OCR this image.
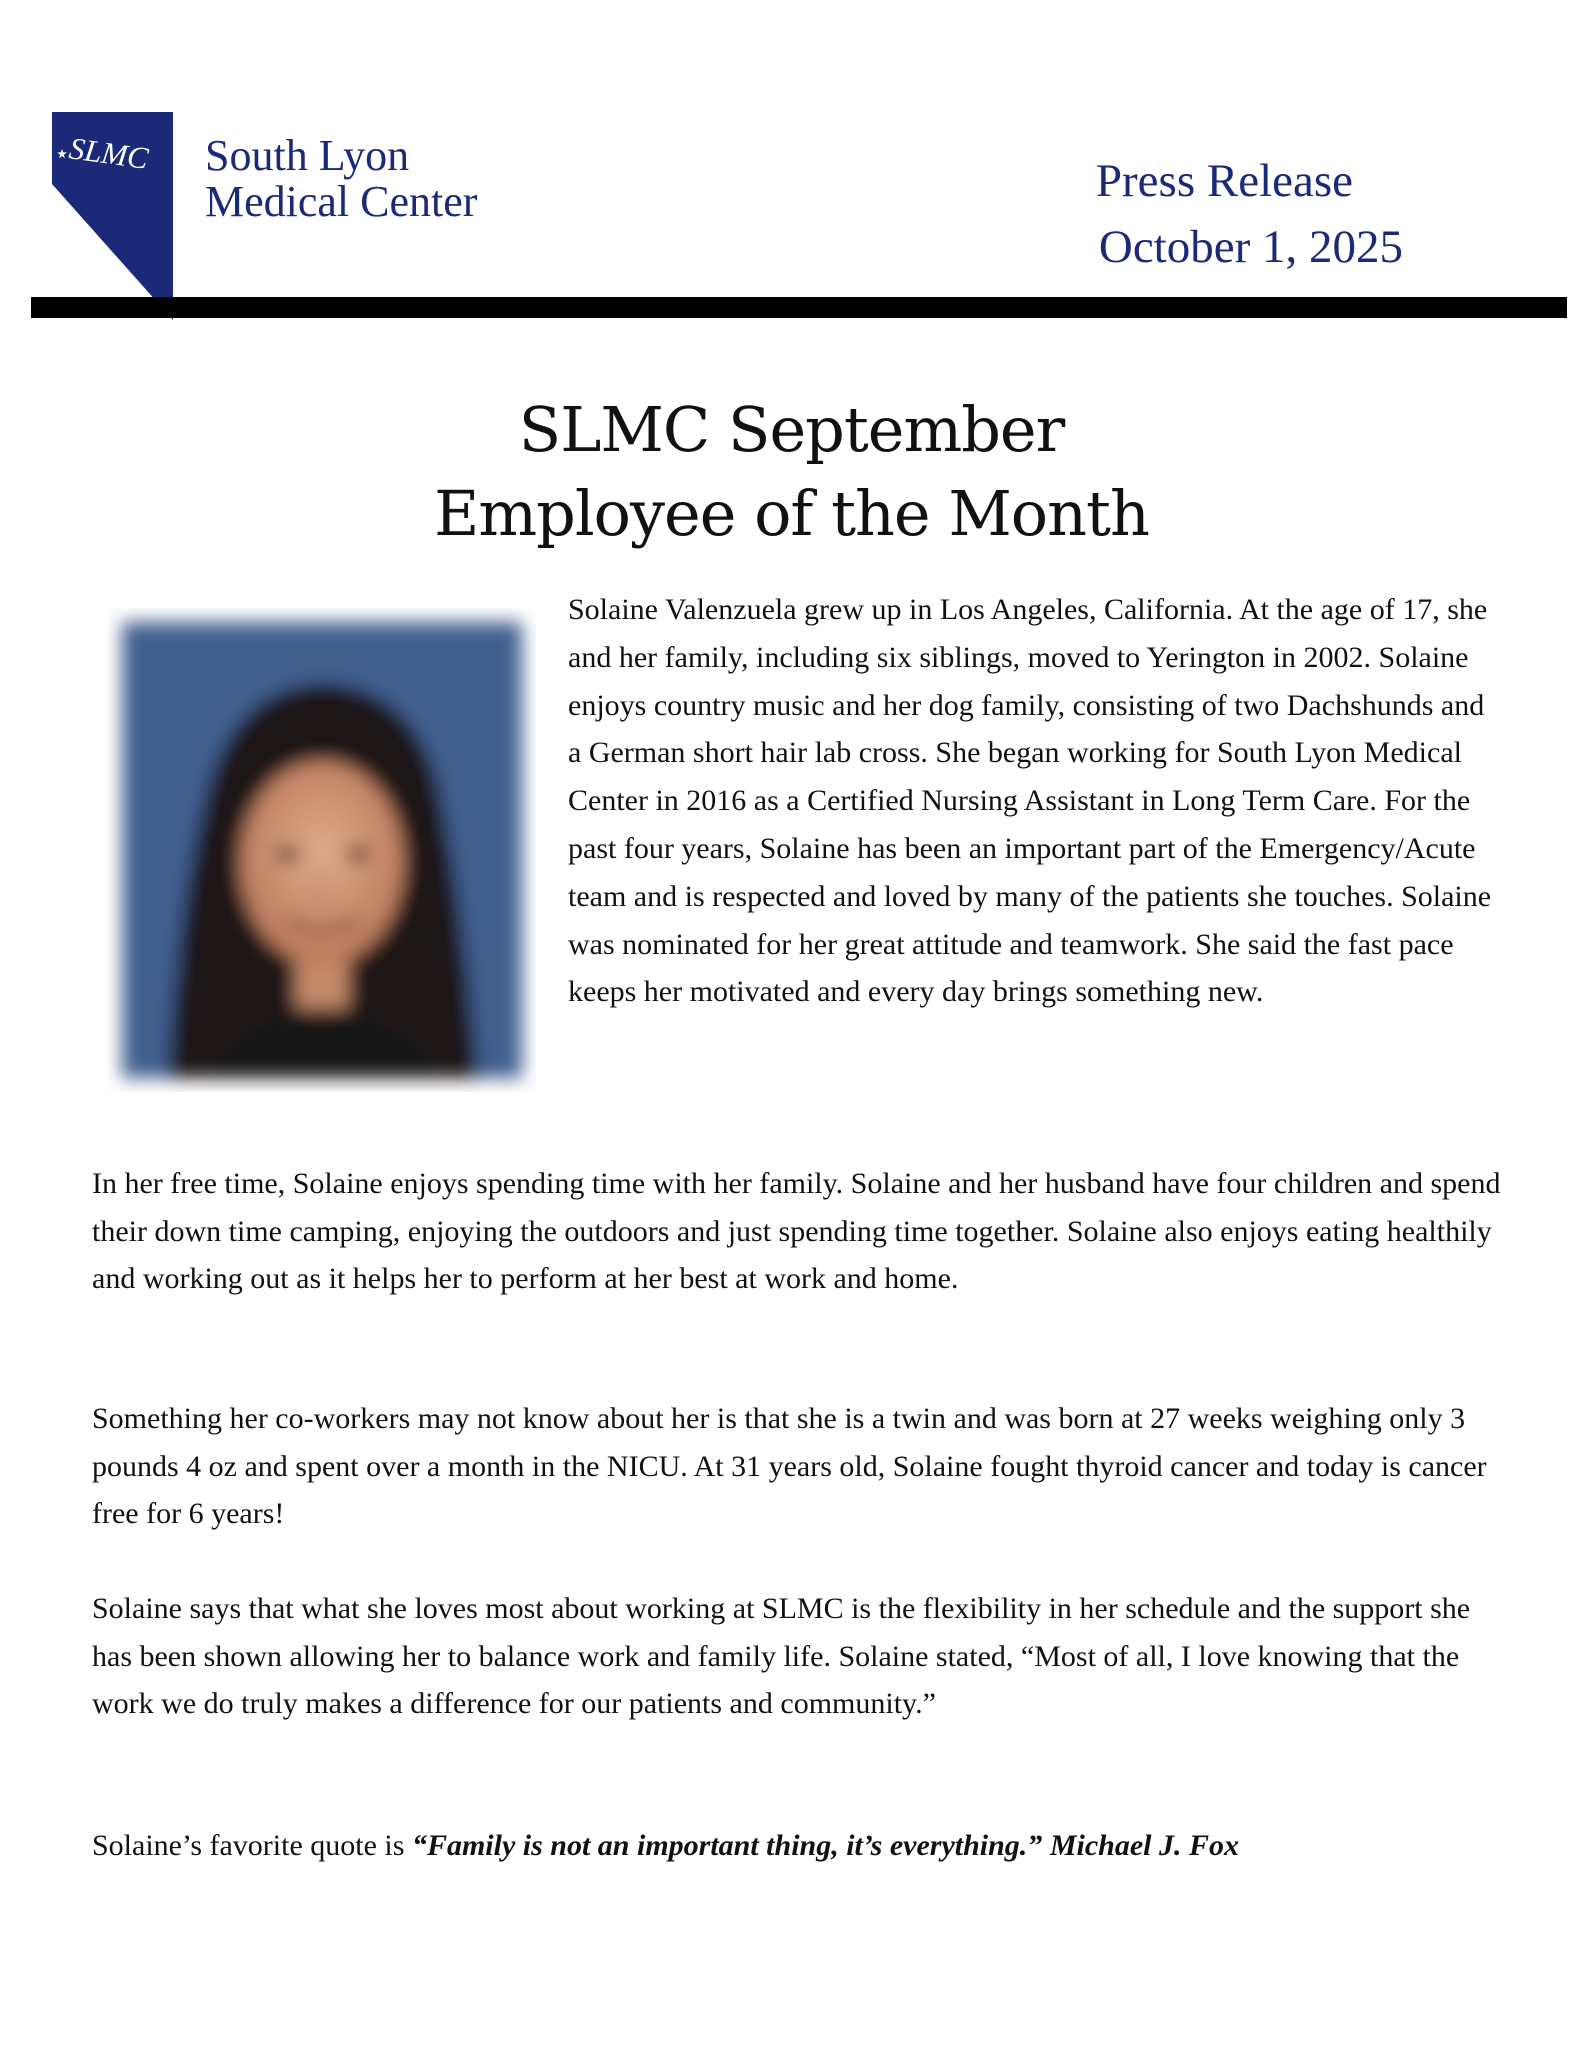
SLMC South Lyon
Medical Center	Press Release
October 1, 2025
SLMC September
Employee of the Month

Solaine Valenzuela grew up in Los Angeles, California. At the age of 17, she and her family, including six siblings, moved to Yerington in 2002. Solaine enjoys country music and her dog family, consisting of two Dachshunds and a German short hair lab cross. She began working for South Lyon Medical Center in 2016 as a Certified Nursing Assistant in Long Term Care. For the past four years, Solaine has been an important part of the Emergency/Acute team and is respected and loved by many of the patients she touches. Solaine was nominated for her great attitude and teamwork. She said the fast pace keeps her motivated and every day brings something new.

In her free time, Solaine enjoys spending time with her family. Solaine and her husband have four children and spend their down time camping, enjoying the outdoors and just spending time together. Solaine also enjoys eating healthily and working out as it helps her to perform at her best at work and home.

Something her co-workers may not know about her is that she is a twin and was born at 27 weeks weighing only 3 pounds 4 oz and spent over a month in the NICU. At 31 years old, Solaine fought thyroid cancer and today is cancer free for 6 years!

Solaine says that what she loves most about working at SLMC is the flexibility in her schedule and the support she has been shown allowing her to balance work and family life. Solaine stated, “Most of all, I love knowing that the work we do truly makes a difference for our patients and community.”

Solaine’s favorite quote is “Family is not an important thing, it’s everything.” Michael J. Fox
